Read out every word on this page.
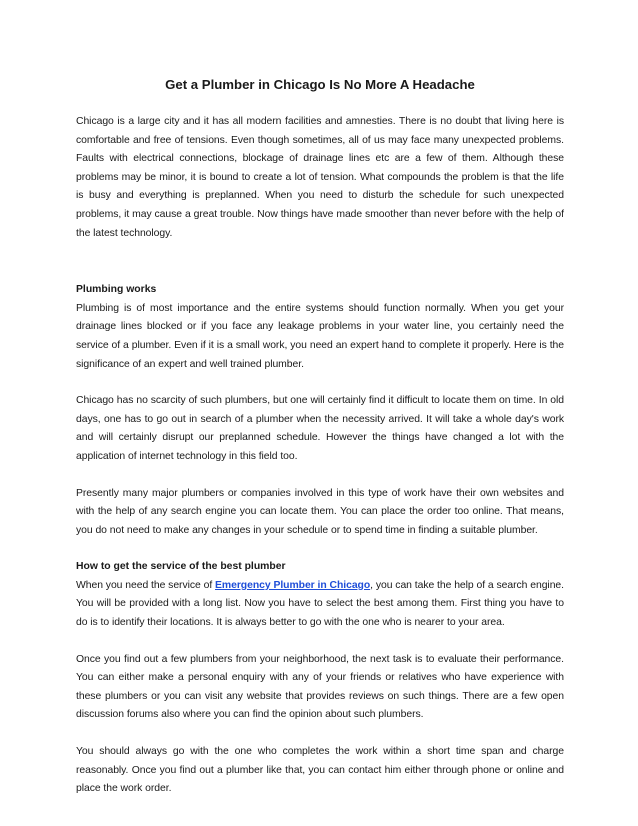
Get a Plumber in Chicago Is No More A Headache

Chicago is a large city and it has all modern facilities and amnesties. There is no doubt that living here is comfortable and free of tensions. Even though sometimes, all of us may face many unexpected problems. Faults with electrical connections, blockage of drainage lines etc are a few of them. Although these problems may be minor, it is bound to create a lot of tension. What compounds the problem is that the life is busy and everything is preplanned. When you need to disturb the schedule for such unexpected problems, it may cause a great trouble. Now things have made smoother than never before with the help of the latest technology.

Plumbing works

Plumbing is of most importance and the entire systems should function normally. When you get your drainage lines blocked or if you face any leakage problems in your water line, you certainly need the service of a plumber. Even if it is a small work, you need an expert hand to complete it properly. Here is the significance of an expert and well trained plumber.

Chicago has no scarcity of such plumbers, but one will certainly find it difficult to locate them on time. In old days, one has to go out in search of a plumber when the necessity arrived. It will take a whole day's work and will certainly disrupt our preplanned schedule. However the things have changed a lot with the application of internet technology in this field too.

Presently many major plumbers or companies involved in this type of work have their own websites and with the help of any search engine you can locate them. You can place the order too online. That means, you do not need to make any changes in your schedule or to spend time in finding a suitable plumber.

How to get the service of the best plumber

When you need the service of Emergency Plumber in Chicago, you can take the help of a search engine. You will be provided with a long list. Now you have to select the best among them. First thing you have to do is to identify their locations. It is always better to go with the one who is nearer to your area.

Once you find out a few plumbers from your neighborhood, the next task is to evaluate their performance. You can either make a personal enquiry with any of your friends or relatives who have experience with these plumbers or you can visit any website that provides reviews on such things. There are a few open discussion forums also where you can find the opinion about such plumbers.

You should always go with the one who completes the work within a short time span and charge reasonably. Once you find out a plumber like that, you can contact him either through phone or online and place the work order.
